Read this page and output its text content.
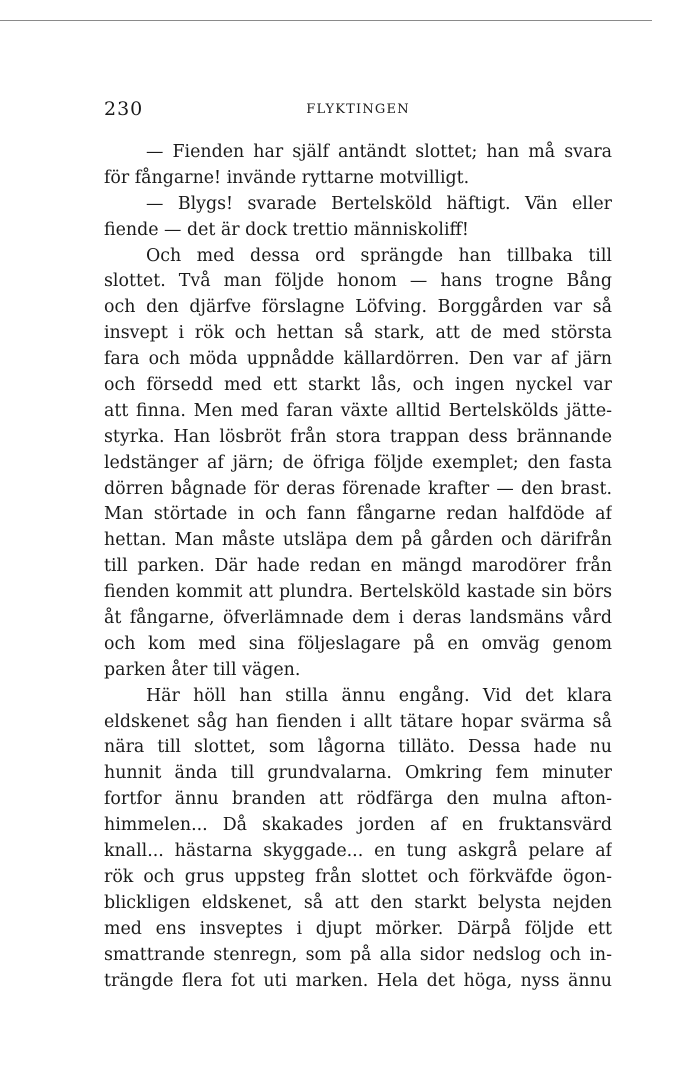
230	FLYKTINGEN
— Fienden har själf antändt slottet; han må svara
för fångarne! invände ryttarne motvilligt.
— Blygs! svarade Bertelsköld häftigt. Vän eller
fiende — det är dock trettio människoliff!
Och med dessa ord sprängde han tillbaka till
slottet. Två man följde honom — hans trogne Bång
och den djärfve förslagne Löfving. Borggården var så
insvept i rök och hettan så stark, att de med största
fara och möda uppnådde källardörren. Den var af järn
och försedd med ett starkt lås, och ingen nyckel var
att finna. Men med faran växte alltid Bertelskölds jätte-
styrka. Han lösbröt från stora trappan dess brännande
ledstänger af järn; de öfriga följde exemplet; den fasta
dörren bågnade för deras förenade krafter — den brast.
Man störtade in och fann fångarne redan halfdöde af
hettan. Man måste utsläpa dem på gården och därifrån
till parken. Där hade redan en mängd marodörer från
fienden kommit att plundra. Bertelsköld kastade sin börs
åt fångarne, öfverlämnade dem i deras landsmäns vård
och kom med sina följeslagare på en omväg genom
parken åter till vägen.
Här höll han stilla ännu engång. Vid det klara
eldskenet såg han fienden i allt tätare hopar svärma så
nära till slottet, som lågorna tilläto. Dessa hade nu
hunnit ända till grundvalarna. Omkring fem minuter
fortfor ännu branden att rödfärga den mulna afton-
himmelen... Då skakades jorden af en fruktansvärd
knall... hästarna skyggade... en tung askgrå pelare af
rök och grus uppsteg från slottet och förkväfde ögon-
blickligen eldskenet, så att den starkt belysta nejden
med ens insveptes i djupt mörker. Därpå följde ett
smattrande stenregn, som på alla sidor nedslog och in-
trängde flera fot uti marken. Hela det höga, nyss ännu
